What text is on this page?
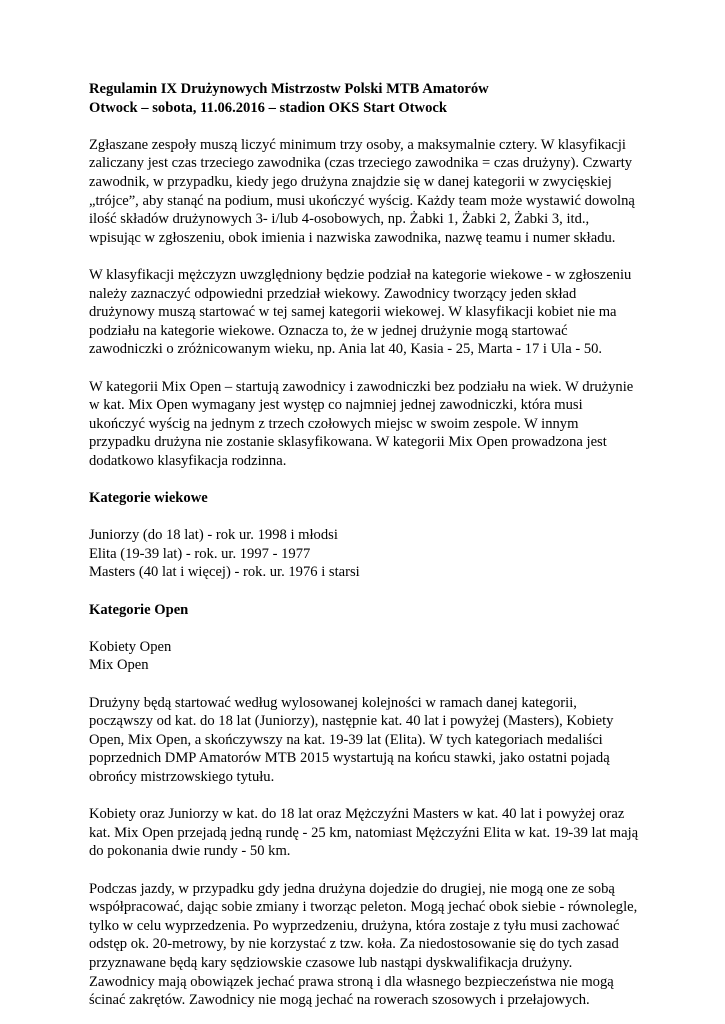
Regulamin IX Drużynowych Mistrzostw Polski MTB Amatorów
Otwock – sobota, 11.06.2016 – stadion OKS Start Otwock
Zgłaszane zespoły muszą liczyć minimum trzy osoby, a maksymalnie cztery. W klasyfikacji
zaliczany jest czas trzeciego zawodnika (czas trzeciego zawodnika = czas drużyny). Czwarty
zawodnik, w przypadku, kiedy jego drużyna znajdzie się w danej kategorii w zwycięskiej
„trójce”, aby stanąć na podium, musi ukończyć wyścig. Każdy team może wystawić dowolną
ilość składów drużynowych 3- i/lub 4-osobowych, np. Żabki 1, Żabki 2, Żabki 3, itd.,
wpisując w zgłoszeniu, obok imienia i nazwiska zawodnika, nazwę teamu i numer składu.
W klasyfikacji mężczyzn uwzględniony będzie podział na kategorie wiekowe - w zgłoszeniu
należy zaznaczyć odpowiedni przedział wiekowy. Zawodnicy tworzący jeden skład
drużynowy muszą startować w tej samej kategorii wiekowej. W klasyfikacji kobiet nie ma
podziału na kategorie wiekowe. Oznacza to, że w jednej drużynie mogą startować
zawodniczki o zróżnicowanym wieku, np. Ania lat 40, Kasia - 25, Marta - 17 i Ula - 50.
W kategorii Mix Open – startują zawodnicy i zawodniczki bez podziału na wiek. W drużynie
w kat. Mix Open wymagany jest występ co najmniej jednej zawodniczki, która musi
ukończyć wyścig na jednym z trzech czołowych miejsc w swoim zespole. W innym
przypadku drużyna nie zostanie sklasyfikowana. W kategorii Mix Open prowadzona jest
dodatkowo klasyfikacja rodzinna.
Kategorie wiekowe
Juniorzy (do 18 lat) - rok ur. 1998 i młodsi
Elita (19-39 lat) - rok. ur. 1997 - 1977
Masters (40 lat i więcej) - rok. ur. 1976 i starsi
Kategorie Open
Kobiety Open
Mix Open
Drużyny będą startować według wylosowanej kolejności w ramach danej kategorii,
począwszy od kat. do 18 lat (Juniorzy), następnie kat. 40 lat i powyżej (Masters), Kobiety
Open, Mix Open, a skończywszy na kat. 19-39 lat (Elita). W tych kategoriach medaliści
poprzednich DMP Amatorów MTB 2015 wystartują na końcu stawki, jako ostatni pojadą
obrońcy mistrzowskiego tytułu.
Kobiety oraz Juniorzy w kat. do 18 lat oraz Mężczyźni Masters w kat. 40 lat i powyżej oraz
kat. Mix Open przejadą jedną rundę - 25 km, natomiast Mężczyźni Elita w kat. 19-39 lat mają
do pokonania dwie rundy - 50 km.
Podczas jazdy, w przypadku gdy jedna drużyna dojedzie do drugiej, nie mogą one ze sobą
współpracować, dając sobie zmiany i tworząc peleton. Mogą jechać obok siebie - równolegle,
tylko w celu wyprzedzenia. Po wyprzedzeniu, drużyna, która zostaje z tyłu musi zachować
odstęp ok. 20-metrowy, by nie korzystać z tzw. koła. Za niedostosowanie się do tych zasad
przyznawane będą kary sędziowskie czasowe lub nastąpi dyskwalifikacja drużyny.
Zawodnicy mają obowiązek jechać prawa stroną i dla własnego bezpieczeństwa nie mogą
ścinać zakrętów. Zawodnicy nie mogą jechać na rowerach szosowych i przełajowych.
